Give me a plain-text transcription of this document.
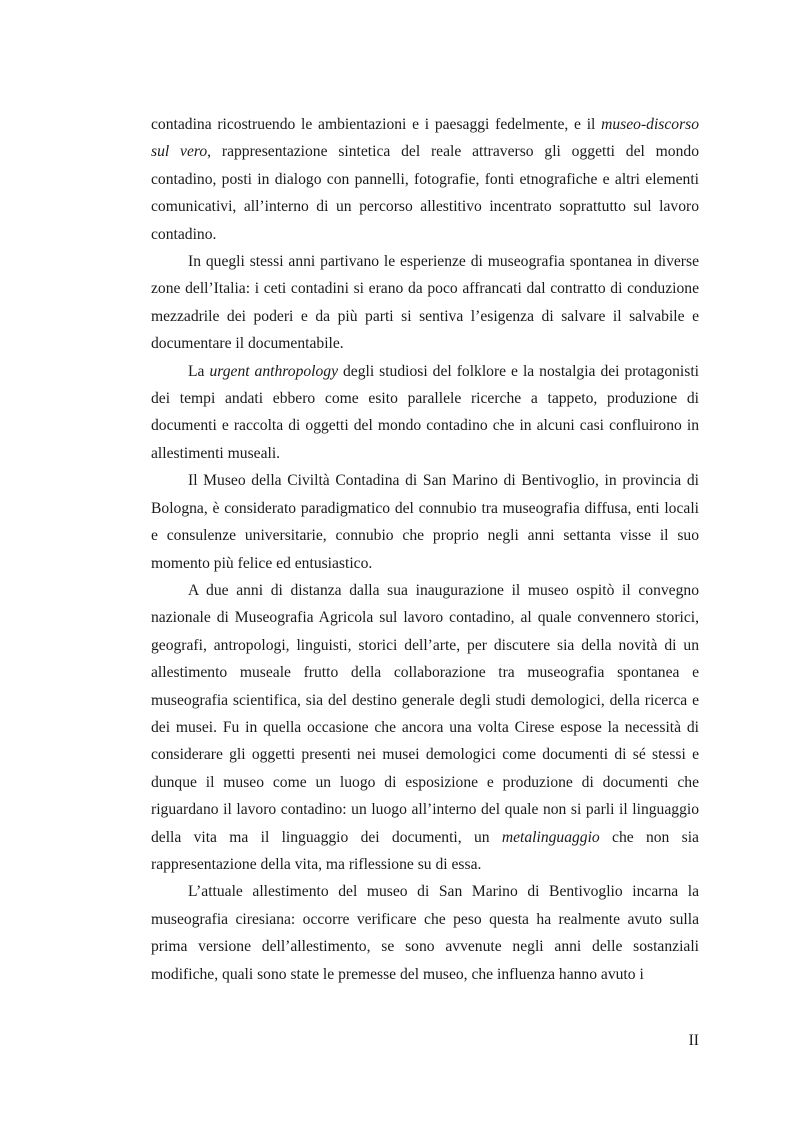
contadina ricostruendo le ambientazioni e i paesaggi fedelmente, e il museo-discorso sul vero, rappresentazione sintetica del reale attraverso gli oggetti del mondo contadino, posti in dialogo con pannelli, fotografie, fonti etnografiche e altri elementi comunicativi, all’interno di un percorso allestitivo incentrato soprattutto sul lavoro contadino.

In quegli stessi anni partivano le esperienze di museografia spontanea in diverse zone dell’Italia: i ceti contadini si erano da poco affrancati dal contratto di conduzione mezzadrile dei poderi e da più parti si sentiva l’esigenza di salvare il salvabile e documentare il documentabile.

La urgent anthropology degli studiosi del folklore e la nostalgia dei protagonisti dei tempi andati ebbero come esito parallele ricerche a tappeto, produzione di documenti e raccolta di oggetti del mondo contadino che in alcuni casi confluirono in allestimenti museali.

Il Museo della Civiltà Contadina di San Marino di Bentivoglio, in provincia di Bologna, è considerato paradigmatico del connubio tra museografia diffusa, enti locali e consulenze universitarie, connubio che proprio negli anni settanta visse il suo momento più felice ed entusiastico.

A due anni di distanza dalla sua inaugurazione il museo ospitò il convegno nazionale di Museografia Agricola sul lavoro contadino, al quale convennero storici, geografi, antropologi, linguisti, storici dell’arte, per discutere sia della novità di un allestimento museale frutto della collaborazione tra museografia spontanea e museografia scientifica, sia del destino generale degli studi demologici, della ricerca e dei musei. Fu in quella occasione che ancora una volta Cirese espose la necessità di considerare gli oggetti presenti nei musei demologici come documenti di sé stessi e dunque il museo come un luogo di esposizione e produzione di documenti che riguardano il lavoro contadino: un luogo all’interno del quale non si parli il linguaggio della vita ma il linguaggio dei documenti, un metalinguaggio che non sia rappresentazione della vita, ma riflessione su di essa.

L’attuale allestimento del museo di San Marino di Bentivoglio incarna la museografia ciresiana: occorre verificare che peso questa ha realmente avuto sulla prima versione dell’allestimento, se sono avvenute negli anni delle sostanziali modifiche, quali sono state le premesse del museo, che influenza hanno avuto i

II
